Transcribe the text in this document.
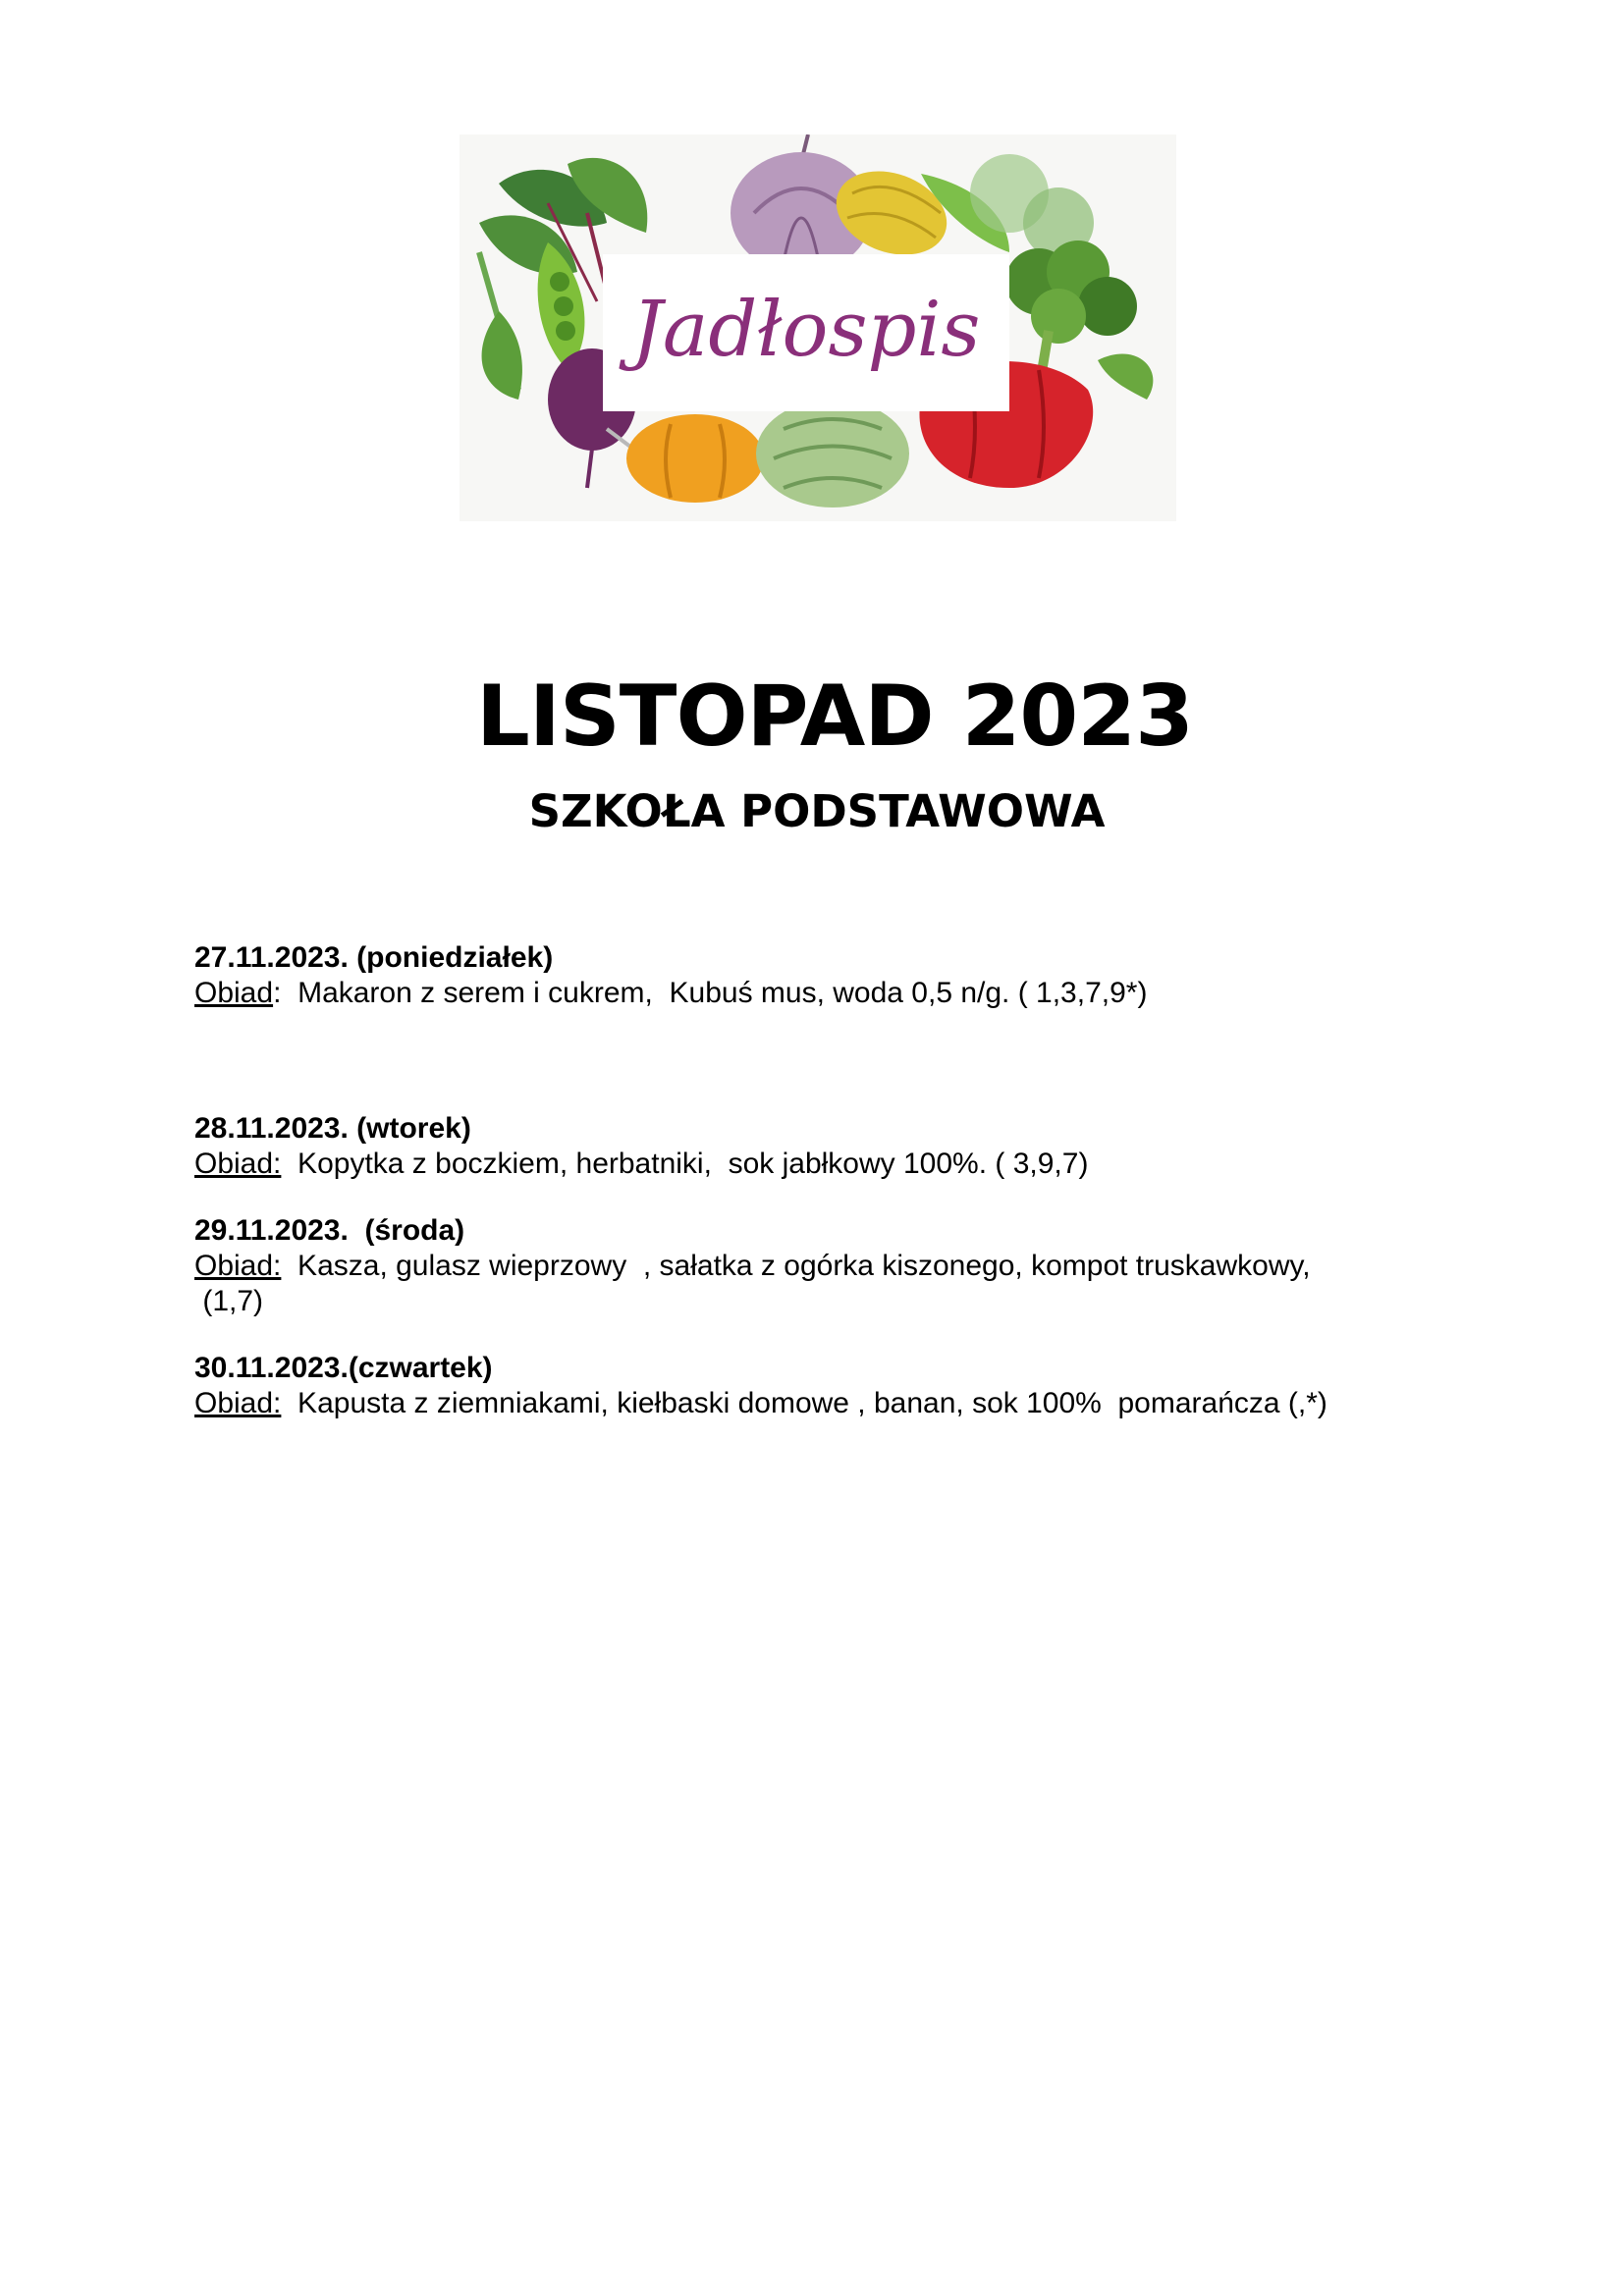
Jadłospis
LISTOPAD 2023
SZKOŁA PODSTAWOWA
27.11.2023. (poniedziałek)
Obiad:  Makaron z serem i cukrem,  Kubuś mus, woda 0,5 n/g. ( 1,3,7,9*)
28.11.2023. (wtorek)
Obiad:  Kopytka z boczkiem, herbatniki,  sok jabłkowy 100%. ( 3,9,7)
29.11.2023.  (środa)
Obiad:  Kasza, gulasz wieprzowy  , sałatka z ogórka kiszonego, kompot truskawkowy,
(1,7)
30.11.2023.(czwartek)
Obiad:  Kapusta z ziemniakami, kiełbaski domowe , banan, sok 100%  pomarańcza (,*)
